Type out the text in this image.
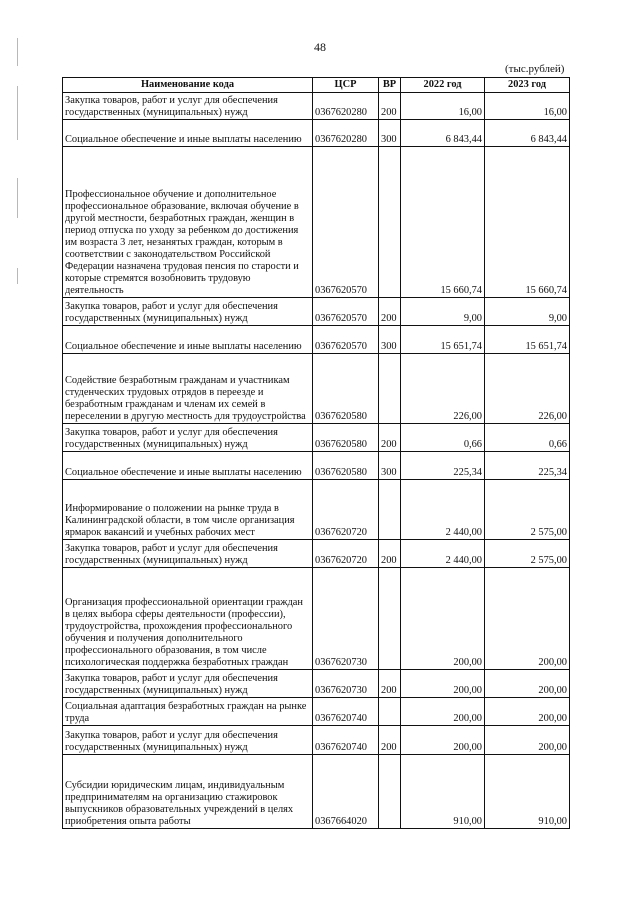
48
(тыс.рублей)
Наименование кода	ЦСР	ВР	2022 год	2023 год
Закупка товаров, работ и услуг для обеспечения государственных (муниципальных) нужд	0367620280	200	16,00	16,00
Социальное обеспечение и иные выплаты населению	0367620280	300	6 843,44	6 843,44
Профессиональное обучение и дополнительное профессиональное образование, включая обучение в другой местности, безработных граждан, женщин в период отпуска по уходу за ребенком до достижения им возраста 3 лет, незанятых граждан, которым в соответствии с законодательством Российской Федерации назначена трудовая пенсия по старости и которые стремятся возобновить трудовую деятельность	0367620570		15 660,74	15 660,74
Закупка товаров, работ и услуг для обеспечения государственных (муниципальных) нужд	0367620570	200	9,00	9,00
Социальное обеспечение и иные выплаты населению	0367620570	300	15 651,74	15 651,74
Содействие безработным гражданам и участникам студенческих трудовых отрядов в переезде и безработным гражданам и членам их семей в переселении в другую местность для трудоустройства	0367620580		226,00	226,00
Закупка товаров, работ и услуг для обеспечения государственных (муниципальных) нужд	0367620580	200	0,66	0,66
Социальное обеспечение и иные выплаты населению	0367620580	300	225,34	225,34
Информирование о положении на рынке труда в Калининградской области, в том числе организация ярмарок вакансий и учебных рабочих мест	0367620720		2 440,00	2 575,00
Закупка товаров, работ и услуг для обеспечения государственных (муниципальных) нужд	0367620720	200	2 440,00	2 575,00
Организация профессиональной ориентации граждан в целях выбора сферы деятельности (профессии), трудоустройства, прохождения профессионального обучения и получения дополнительного профессионального образования, в том числе психологическая поддержка безработных граждан	0367620730		200,00	200,00
Закупка товаров, работ и услуг для обеспечения государственных (муниципальных) нужд	0367620730	200	200,00	200,00
Социальная адаптация безработных граждан на рынке труда	0367620740		200,00	200,00
Закупка товаров, работ и услуг для обеспечения государственных (муниципальных) нужд	0367620740	200	200,00	200,00
Субсидии юридическим лицам, индивидуальным предпринимателям на организацию стажировок выпускников образовательных учреждений в целях приобретения опыта работы	0367664020		910,00	910,00
